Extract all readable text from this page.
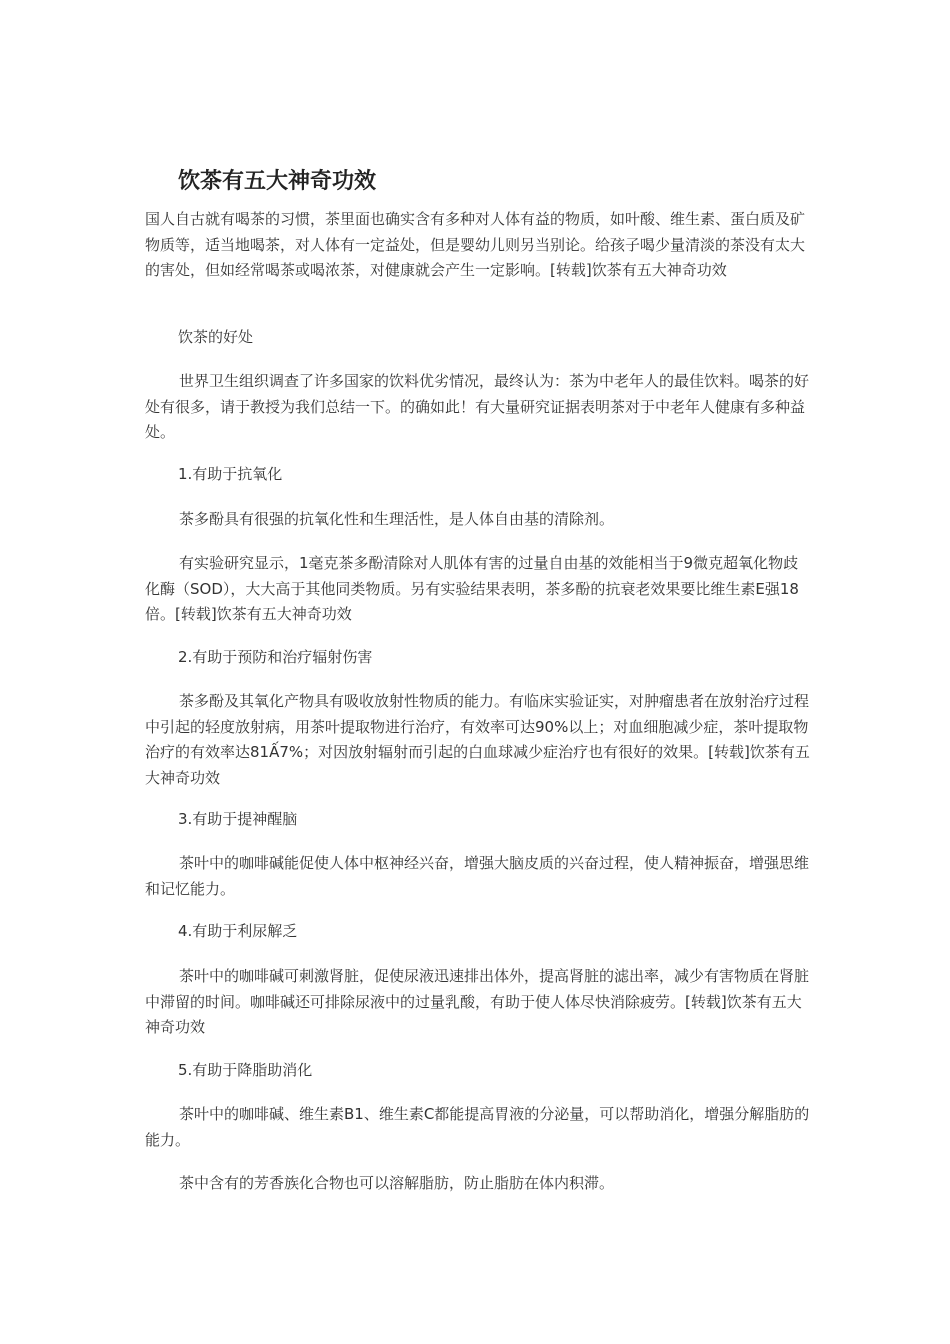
饮茶有五大神奇功效

国人自古就有喝茶的习惯，茶里面也确实含有多种对人体有益的物质，如叶酸、维生素、蛋白质及矿物质等，适当地喝茶，对人体有一定益处，但是婴幼儿则另当别论。给孩子喝少量清淡的茶没有太大的害处，但如经常喝茶或喝浓茶，对健康就会产生一定影响。[转载]饮茶有五大神奇功效

饮茶的好处

世界卫生组织调查了许多国家的饮料优劣情况，最终认为：茶为中老年人的最佳饮料。喝茶的好处有很多，请于教授为我们总结一下。的确如此！有大量研究证据表明茶对于中老年人健康有多种益处。

1.有助于抗氧化

茶多酚具有很强的抗氧化性和生理活性，是人体自由基的清除剂。

有实验研究显示，1毫克茶多酚清除对人肌体有害的过量自由基的效能相当于9微克超氧化物歧化酶（SOD），大大高于其他同类物质。另有实验结果表明，茶多酚的抗衰老效果要比维生素E强18倍。[转载]饮茶有五大神奇功效

2.有助于预防和治疗辐射伤害

茶多酚及其氧化产物具有吸收放射性物质的能力。有临床实验证实，对肿瘤患者在放射治疗过程中引起的轻度放射病，用茶叶提取物进行治疗，有效率可达90%以上；对血细胞减少症，茶叶提取物治疗的有效率达81Ấ7%；对因放射辐射而引起的白血球减少症治疗也有很好的效果。[转载]饮茶有五大神奇功效

3.有助于提神醒脑

茶叶中的咖啡碱能促使人体中枢神经兴奋，增强大脑皮质的兴奋过程，使人精神振奋，增强思维和记忆能力。

4.有助于利尿解乏

茶叶中的咖啡碱可刺激肾脏，促使尿液迅速排出体外，提高肾脏的滤出率，减少有害物质在肾脏中滞留的时间。咖啡碱还可排除尿液中的过量乳酸，有助于使人体尽快消除疲劳。[转载]饮茶有五大神奇功效

5.有助于降脂助消化

茶叶中的咖啡碱、维生素B1、维生素C都能提高胃液的分泌量，可以帮助消化，增强分解脂肪的能力。

茶中含有的芳香族化合物也可以溶解脂肪，防止脂肪在体内积滞。
